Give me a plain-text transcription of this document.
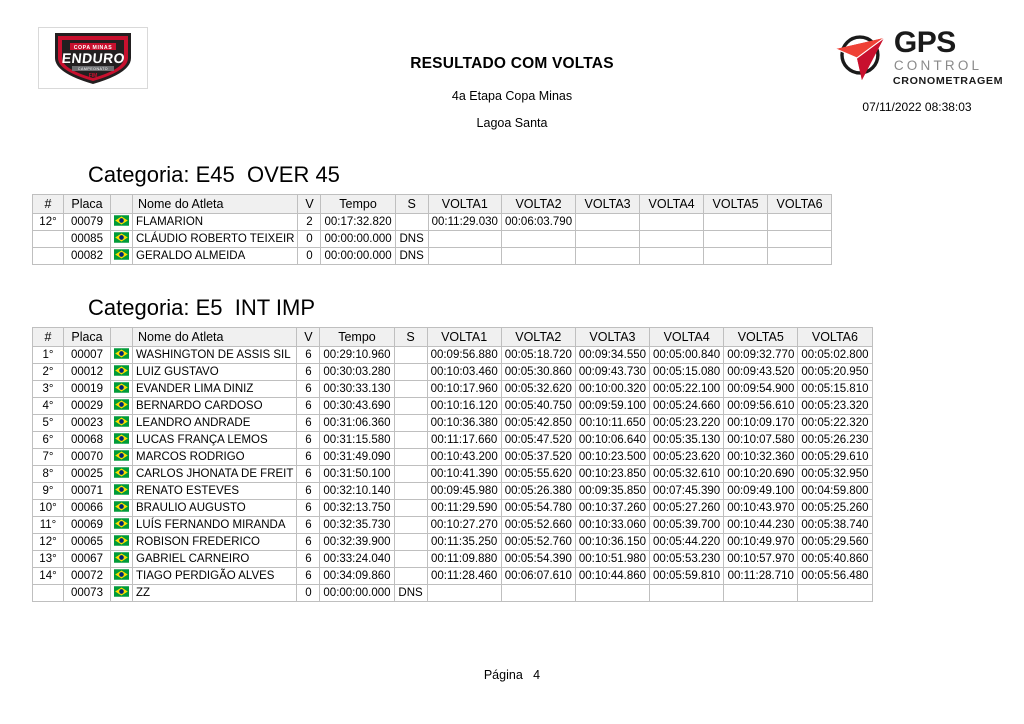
COPA MINAS
ENDURO
CAMPEONATO
FIM
RESULTADO COM VOLTAS
4a Etapa Copa Minas
Lagoa Santa
GPS
CONTROL
CRONOMETRAGEM
07/11/2022 08:38:03
Categoria: E45  OVER 45
#	Placa		Nome do Atleta	V	Tempo	S	VOLTA1	VOLTA2	VOLTA3	VOLTA4	VOLTA5	VOLTA6
12°	00079		FLAMARION	2	00:17:32.820		00:11:29.030	00:06:03.790				
	00085		CLÁUDIO ROBERTO TEIXEIR	0	00:00:00.000	DNS						
	00082		GERALDO ALMEIDA	0	00:00:00.000	DNS						
Categoria: E5  INT IMP
#	Placa		Nome do Atleta	V	Tempo	S	VOLTA1	VOLTA2	VOLTA3	VOLTA4	VOLTA5	VOLTA6
1°	00007		WASHINGTON DE ASSIS SIL	6	00:29:10.960		00:09:56.880	00:05:18.720	00:09:34.550	00:05:00.840	00:09:32.770	00:05:02.800
2°	00012		LUIZ GUSTAVO	6	00:30:03.280		00:10:03.460	00:05:30.860	00:09:43.730	00:05:15.080	00:09:43.520	00:05:20.950
3°	00019		EVANDER LIMA DINIZ	6	00:30:33.130		00:10:17.960	00:05:32.620	00:10:00.320	00:05:22.100	00:09:54.900	00:05:15.810
4°	00029		BERNARDO CARDOSO	6	00:30:43.690		00:10:16.120	00:05:40.750	00:09:59.100	00:05:24.660	00:09:56.610	00:05:23.320
5°	00023		LEANDRO ANDRADE	6	00:31:06.360		00:10:36.380	00:05:42.850	00:10:11.650	00:05:23.220	00:10:09.170	00:05:22.320
6°	00068		LUCAS FRANÇA LEMOS	6	00:31:15.580		00:11:17.660	00:05:47.520	00:10:06.640	00:05:35.130	00:10:07.580	00:05:26.230
7°	00070		MARCOS RODRIGO	6	00:31:49.090		00:10:43.200	00:05:37.520	00:10:23.500	00:05:23.620	00:10:32.360	00:05:29.610
8°	00025		CARLOS JHONATA DE FREIT	6	00:31:50.100		00:10:41.390	00:05:55.620	00:10:23.850	00:05:32.610	00:10:20.690	00:05:32.950
9°	00071		RENATO ESTEVES	6	00:32:10.140		00:09:45.980	00:05:26.380	00:09:35.850	00:07:45.390	00:09:49.100	00:04:59.800
10°	00066		BRAULIO AUGUSTO	6	00:32:13.750		00:11:29.590	00:05:54.780	00:10:37.260	00:05:27.260	00:10:43.970	00:05:25.260
11°	00069		LUÍS FERNANDO MIRANDA	6	00:32:35.730		00:10:27.270	00:05:52.660	00:10:33.060	00:05:39.700	00:10:44.230	00:05:38.740
12°	00065		ROBISON FREDERICO	6	00:32:39.900		00:11:35.250	00:05:52.760	00:10:36.150	00:05:44.220	00:10:49.970	00:05:29.560
13°	00067		GABRIEL CARNEIRO	6	00:33:24.040		00:11:09.880	00:05:54.390	00:10:51.980	00:05:53.230	00:10:57.970	00:05:40.860
14°	00072		TIAGO PERDIGÃO ALVES	6	00:34:09.860		00:11:28.460	00:06:07.610	00:10:44.860	00:05:59.810	00:11:28.710	00:05:56.480
	00073		ZZ	0	00:00:00.000	DNS						
Página   4
